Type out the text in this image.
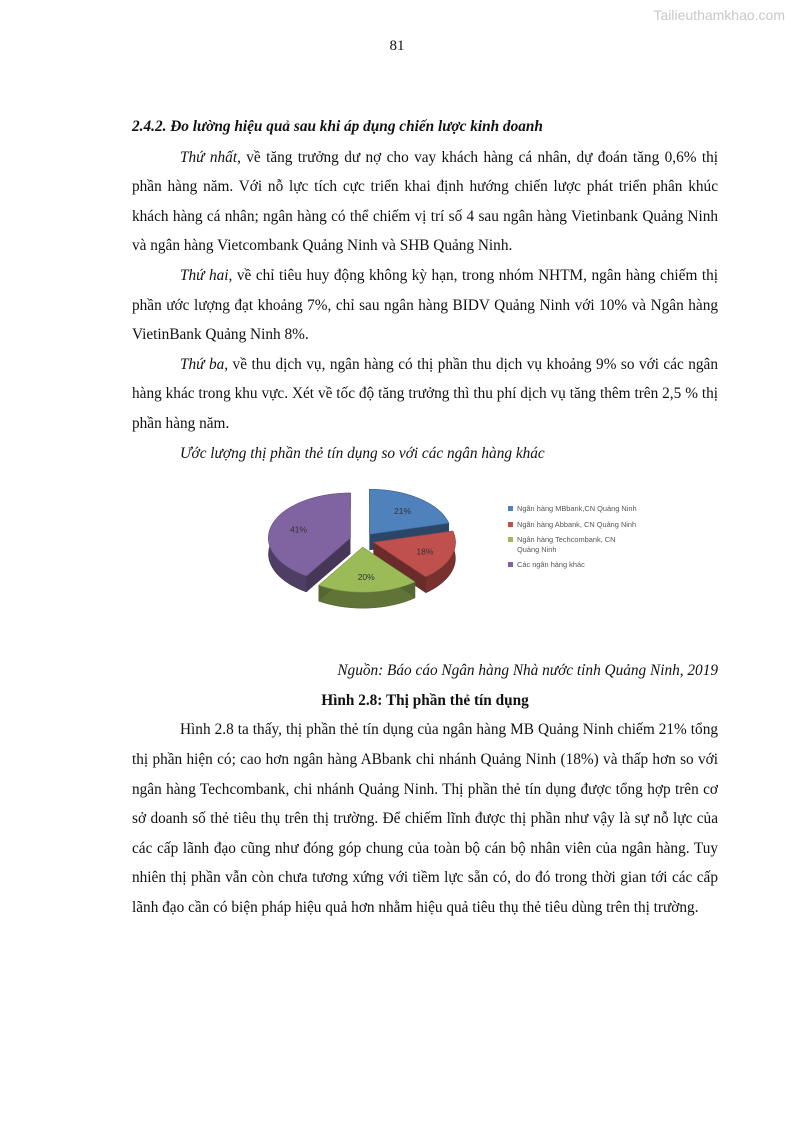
Tailieuthamkhao.com
81

2.4.2. Đo lường hiệu quả sau khi áp dụng chiến lược kinh doanh

Thứ nhất, về tăng trưởng dư nợ cho vay khách hàng cá nhân, dự đoán tăng 0,6% thị phần hàng năm. Với nỗ lực tích cực triển khai định hướng chiến lược phát triển phân khúc khách hàng cá nhân; ngân hàng có thể chiếm vị trí số 4 sau ngân hàng Vietinbank Quảng Ninh và ngân hàng Vietcombank Quảng Ninh và SHB Quảng Ninh.

Thứ hai, về chỉ tiêu huy động không kỳ hạn, trong nhóm NHTM, ngân hàng chiếm thị phần ước lượng đạt khoảng 7%, chỉ sau ngân hàng BIDV Quảng Ninh với 10% và Ngân hàng VietinBank Quảng Ninh 8%.

Thứ ba, về thu dịch vụ, ngân hàng có thị phần thu dịch vụ khoảng 9% so với các ngân hàng khác trong khu vực. Xét về tốc độ tăng trưởng thì thu phí dịch vụ tăng thêm trên 2,5 % thị phần hàng năm.

Ước lượng thị phần thẻ tín dụng so với các ngân hàng khác

21%
18%
20%
41%
Ngân hàng MBbank,CN Quảng Ninh
Ngân hàng Abbank, CN Quảng Ninh
Ngân hàng Techcombank, CN Quảng Ninh
Các ngân hàng khác

Nguồn: Báo cáo Ngân hàng Nhà nước tỉnh Quảng Ninh, 2019

Hình 2.8: Thị phần thẻ tín dụng

Hình 2.8 ta thấy, thị phần thẻ tín dụng của ngân hàng MB Quảng Ninh chiếm 21% tổng thị phần hiện có; cao hơn ngân hàng ABbank chi nhánh Quảng Ninh (18%) và thấp hơn so với ngân hàng Techcombank, chi nhánh Quảng Ninh. Thị phần thẻ tín dụng được tổng hợp trên cơ sở doanh số thẻ tiêu thụ trên thị trường. Để chiếm lĩnh được thị phần như vậy là sự nỗ lực của các cấp lãnh đạo cũng như đóng góp chung của toàn bộ cán bộ nhân viên của ngân hàng. Tuy nhiên thị phần vẫn còn chưa tương xứng với tiềm lực sẵn có, do đó trong thời gian tới các cấp lãnh đạo cần có biện pháp hiệu quả hơn nhằm hiệu quả tiêu thụ thẻ tiêu dùng trên thị trường.
